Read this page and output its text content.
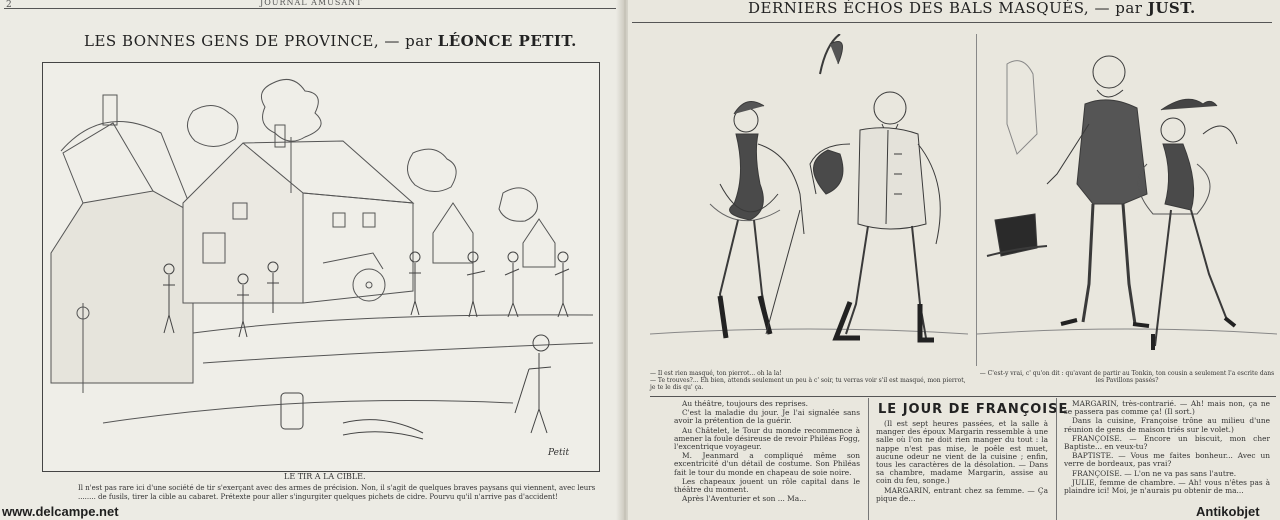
2	JOURNAL AMUSANT
LES BONNES GENS DE PROVINCE, — par LÉONCE PETIT.
LE TIR A LA CIBLE.
Petit

Il n'est pas rare ici d'une société de tir s'exerçant avec des armes de précision. Non, il s'agit de quelques braves paysans qui viennent, avec leurs

........ de fusils, tirer la cible au cabaret. Prétexte pour aller s'ingurgiter quelques pichets de cidre. Pourvu qu'il n'arrive pas d'accident!

DERNIERS ÉCHOS DES BALS MASQUÉS, — par JUST.
— Il est rien masqué, ton pierrot... oh la la!
— Te trouves?... Eh bien, attends seulement un peu à c' soir, tu verras voir s'il est masqué, mon pierrot, je te le dis qu' ça.
— C'est-y vrai, c' qu'on dit : qu'avant de partir au Tonkin, ton cousin a seulement l'a escrite dans les Pavillons passés?

Au théâtre, toujours des reprises.

C'est la maladie du jour. Je l'ai signalée sans avoir la prétention de la guérir.

Au Châtelet, le Tour du monde recommence à amener la foule désireuse de revoir Philéas Fogg, l'excentrique voyageur.

M. Jeanmard a compliqué même son excentricité d'un détail de costume. Son Philéas fait le tour du monde en chapeau de soie noire.

Les chapeaux jouent un rôle capital dans le théâtre du moment.

Après l'Aventurier et son ... Ma...

LE JOUR DE FRANÇOISE

(Il est sept heures passées, et la salle à manger des époux Margarin ressemble à une salle où l'on ne doit rien manger du tout : la nappe n'est pas mise, le poêle est muet, aucune odeur ne vient de la cuisine ; enfin, tous les caractères de la désolation. — Dans sa chambre, madame Margarin, assise au coin du feu, songe.)

MARGARIN, entrant chez sa femme. — Ça pique de...

MARGARIN, très-contrarié. — Ah! mais non, ça ne se passera pas comme ça! (Il sort.)

Dans la cuisine, Françoise trône au milieu d'une réunion de gens de maison triés sur le volet.)

FRANÇOISE. — Encore un biscuit, mon cher Baptiste... en veux-tu?

BAPTISTE. — Vous me faites bonheur... Avec un verre de bordeaux, pas vrai?

FRANÇOISE. — L'on ne va pas sans l'autre.

JULIE, femme de chambre. — Ah! vous n'êtes pas à plaindre ici! Moi, je n'aurais pu obtenir de ma...

www.delcampe.net	Antikobjet
